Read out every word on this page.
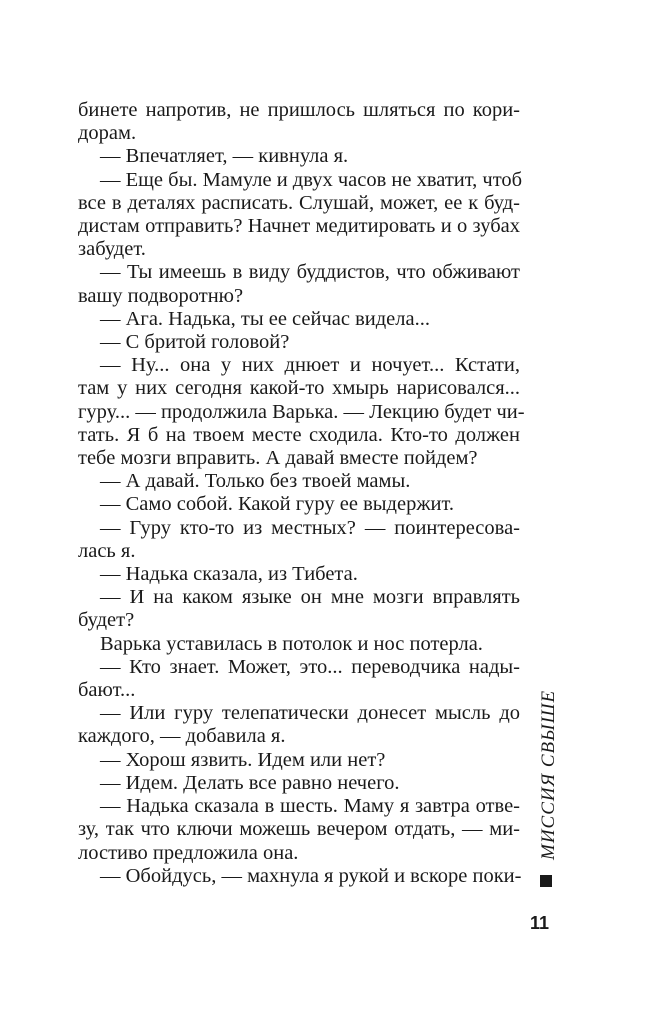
бинете напротив, не пришлось шляться по кори-
дорам.
— Впечатляет, — кивнула я.
— Еще бы. Мамуле и двух часов не хватит, чтоб
все в деталях расписать. Слушай, может, ее к буд-
дистам отправить? Начнет медитировать и о зубах
забудет.
— Ты имеешь в виду буддистов, что обживают
вашу подворотню?
— Ага. Надька, ты ее сейчас видела...
— С бритой головой?
— Ну... она у них днюет и ночует... Кстати,
там у них сегодня какой-то хмырь нарисовался...
гуру... — продолжила Варька. — Лекцию будет чи-
тать. Я б на твоем месте сходила. Кто-то должен
тебе мозги вправить. А давай вместе пойдем?
— А давай. Только без твоей мамы.
— Само собой. Какой гуру ее выдержит.
— Гуру кто-то из местных? — поинтересова-
лась я.
— Надька сказала, из Тибета.
— И на каком языке он мне мозги вправлять
будет?
Варька уставилась в потолок и нос потерла.
— Кто знает. Может, это... переводчика нады-
бают...
— Или гуру телепатически донесет мысль до
каждого, — добавила я.
— Хорош язвить. Идем или нет?
— Идем. Делать все равно нечего.
— Надька сказала в шесть. Маму я завтра отве-
зу, так что ключи можешь вечером отдать, — ми-
лостиво предложила она.
— Обойдусь, — махнула я рукой и вскоре поки-
МИССИЯ СВЫШЕ
11
